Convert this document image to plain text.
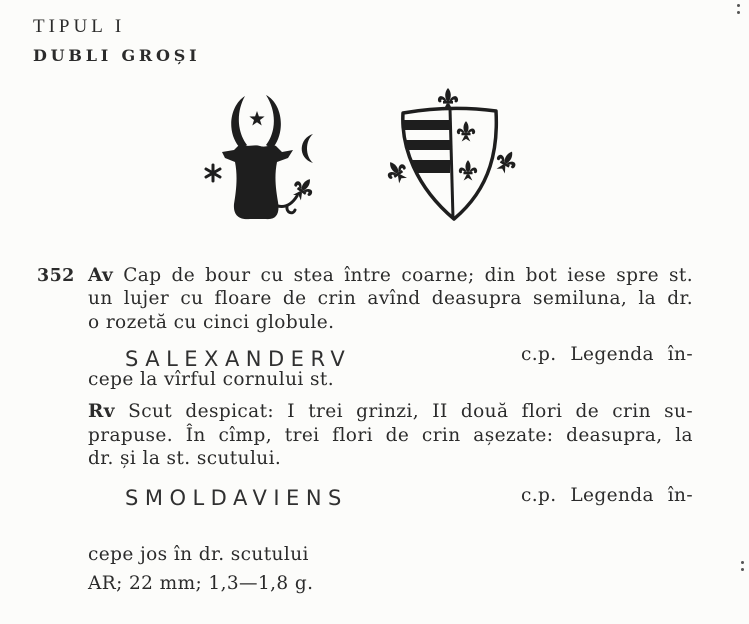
TIPUL I
DUBLI GROȘI
352 Av Cap de bour cu stea între coarne; din bot iese spre st.
un lujer cu floare de crin avînd deasupra semiluna, la dr.
o rozetă cu cinci globule.
SALEXANDERV	c.p. Legenda în-
cepe la vîrful cornului st.
Rv Scut despicat: I trei grinzi, II două flori de crin su-
prapuse. În cîmp, trei flori de crin așezate: deasupra, la
dr. și la st. scutului.
SMOLDAVIENS	c.p. Legenda în-
cepe jos în dr. scutului
AR; 22 mm; 1,3—1,8 g.
